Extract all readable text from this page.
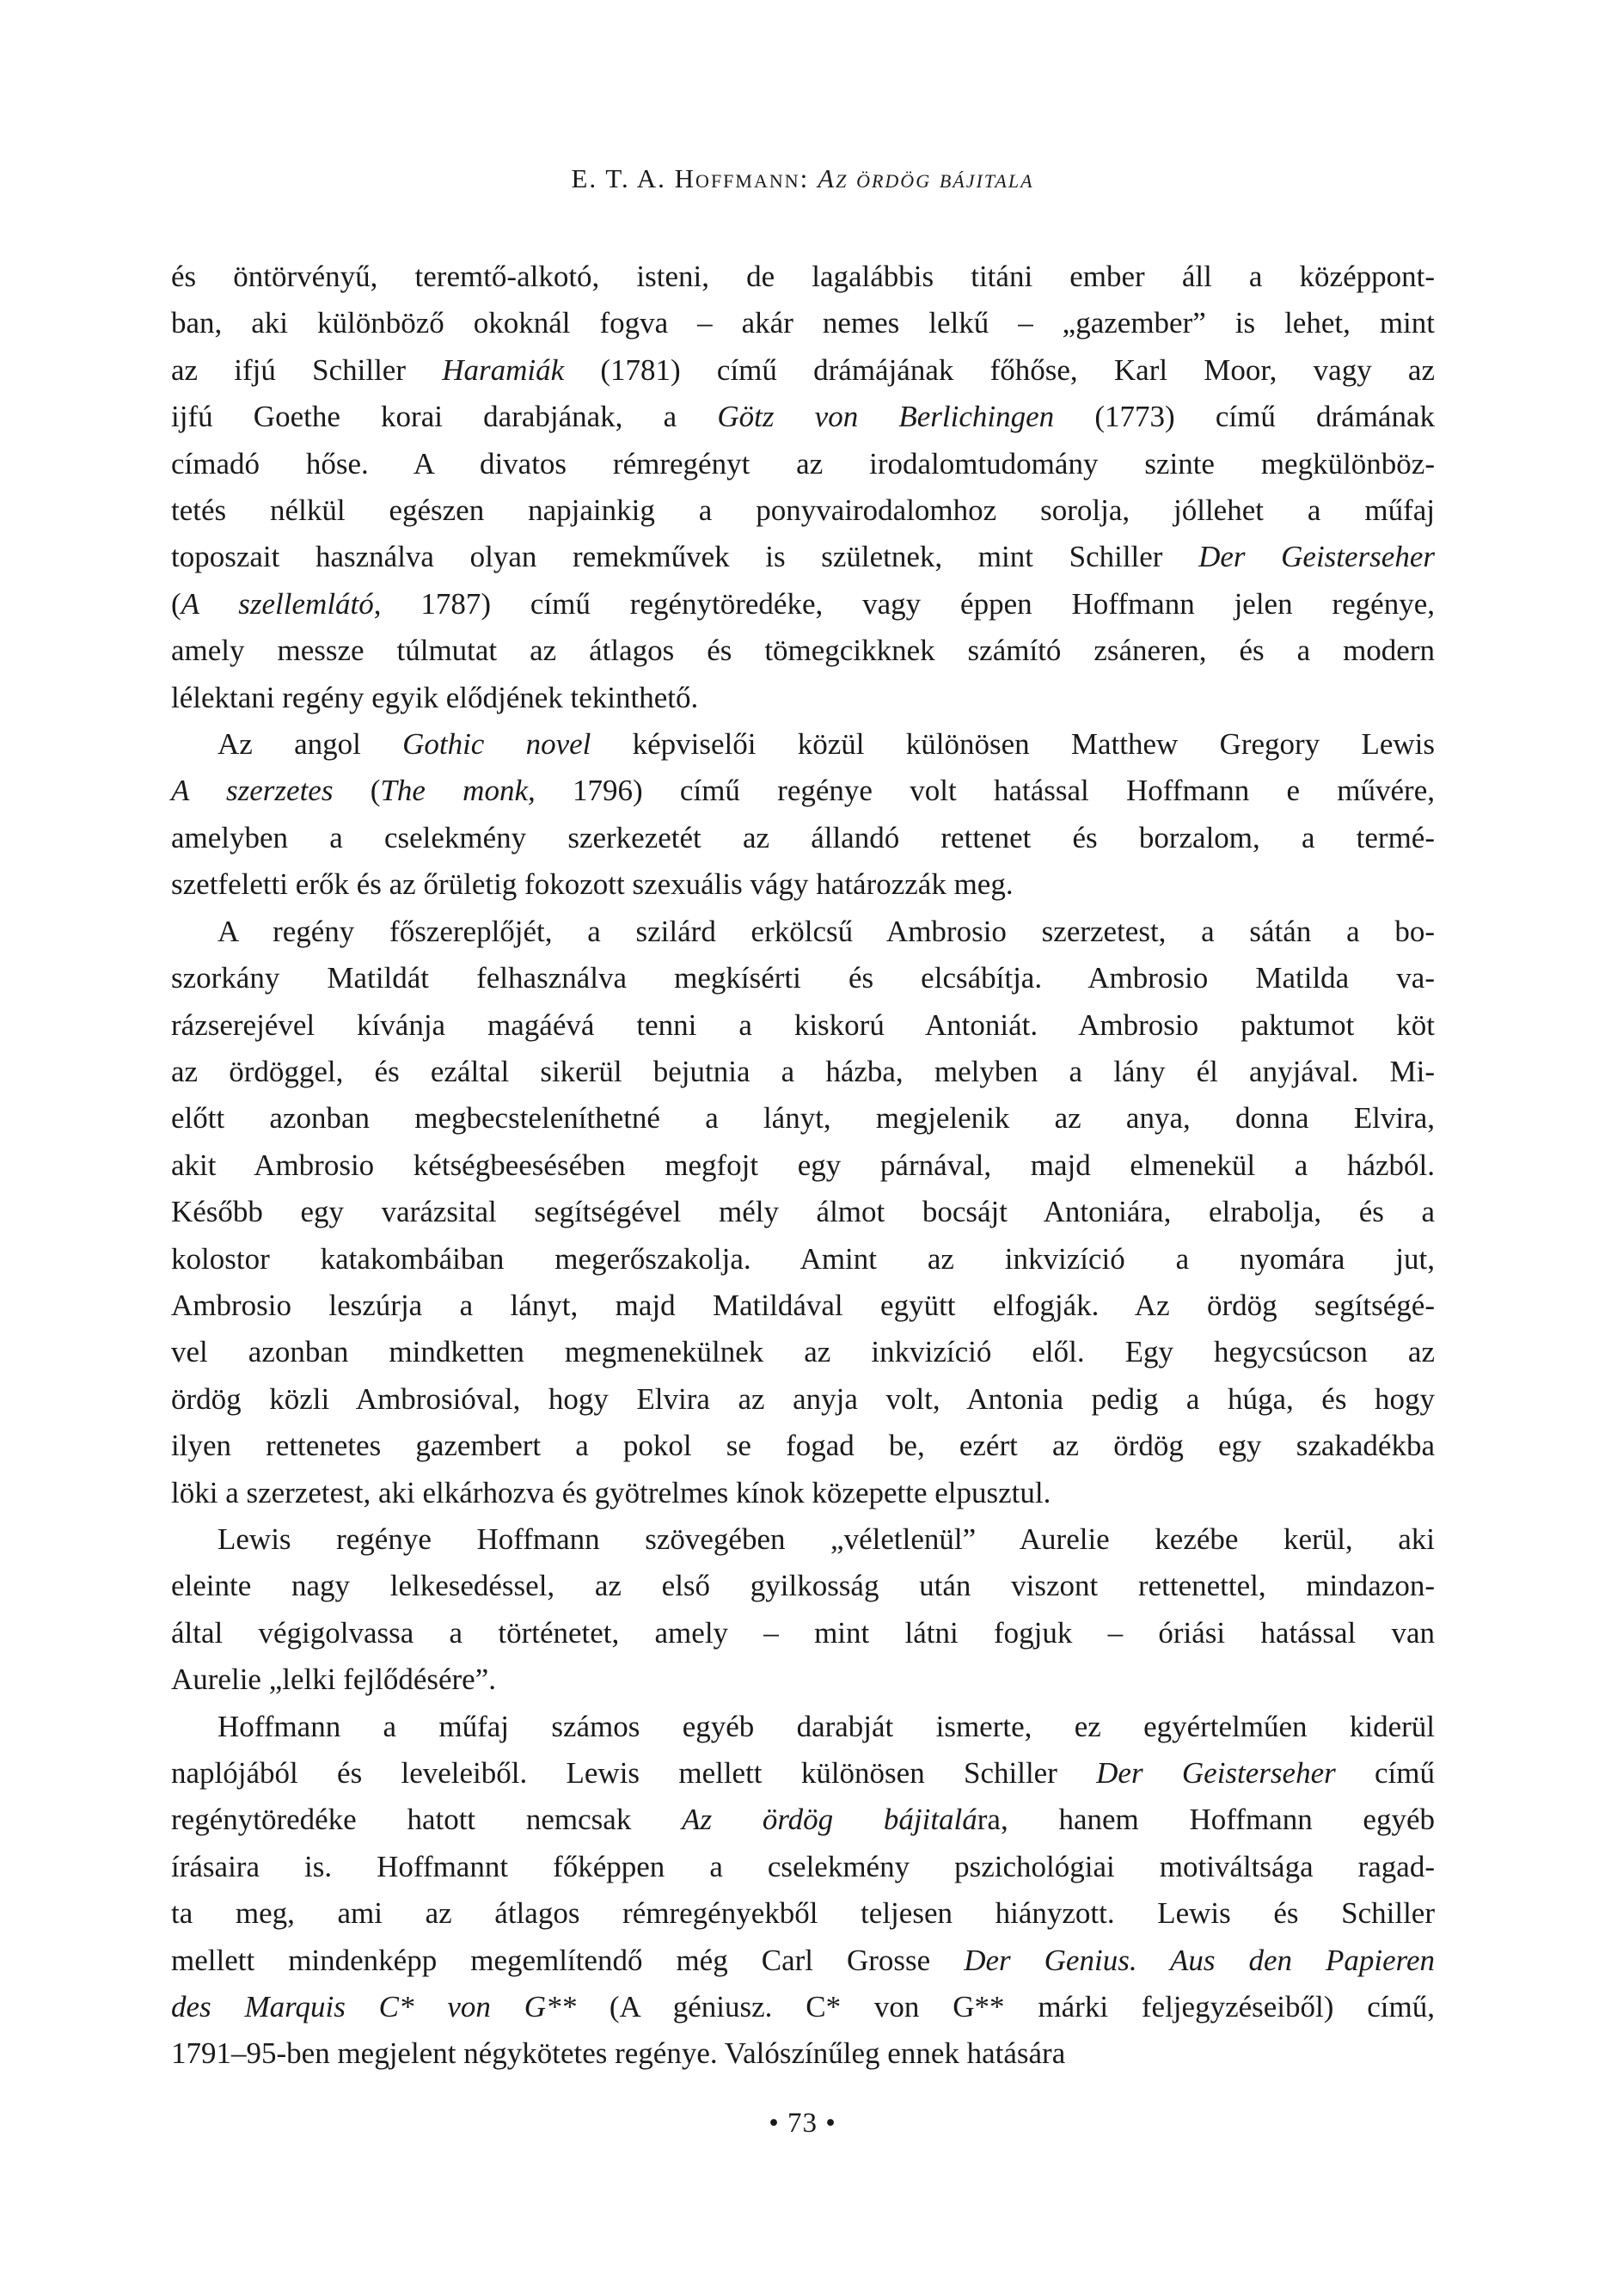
E. T. A. Hoffmann: Az ördög bájitala
és öntörvényű, teremtő-alkotó, isteni, de lagalábbis titáni ember áll a középpont-
ban, aki különböző okoknál fogva – akár nemes lelkű – „gazember” is lehet, mint
az ifjú Schiller Haramiák (1781) című drámájának főhőse, Karl Moor, vagy az
ijfú Goethe korai darabjának, a Götz von Berlichingen (1773) című drámának
címadó hőse. A divatos rémregényt az irodalomtudomány szinte megkülönböz-
tetés nélkül egészen napjainkig a ponyvairodalomhoz sorolja, jóllehet a műfaj
toposzait használva olyan remekművek is születnek, mint Schiller Der Geisterseher
(A szellemlátó, 1787) című regénytöredéke, vagy éppen Hoffmann jelen regénye,
amely messze túlmutat az átlagos és tömegcikknek számító zsáneren, és a modern
lélektani regény egyik elődjének tekinthető.
Az angol Gothic novel képviselői közül különösen Matthew Gregory Lewis
A szerzetes (The monk, 1796) című regénye volt hatással Hoffmann e művére,
amelyben a cselekmény szerkezetét az állandó rettenet és borzalom, a termé-
szetfeletti erők és az őrületig fokozott szexuális vágy határozzák meg.
A regény főszereplőjét, a szilárd erkölcsű Ambrosio szerzetest, a sátán a bo-
szorkány Matildát felhasználva megkísérti és elcsábítja. Ambrosio Matilda va-
rázserejével kívánja magáévá tenni a kiskorú Antoniát. Ambrosio paktumot köt
az ördöggel, és ezáltal sikerül bejutnia a házba, melyben a lány él anyjával. Mi-
előtt azonban megbecsteleníthetné a lányt, megjelenik az anya, donna Elvira,
akit Ambrosio kétségbeesésében megfojt egy párnával, majd elmenekül a házból.
Később egy varázsital segítségével mély álmot bocsájt Antoniára, elrabolja, és a
kolostor katakombáiban megerőszakolja. Amint az inkvizíció a nyomára jut,
Ambrosio leszúrja a lányt, majd Matildával együtt elfogják. Az ördög segítségé-
vel azonban mindketten megmenekülnek az inkvizíció elől. Egy hegycsúcson az
ördög közli Ambrosióval, hogy Elvira az anyja volt, Antonia pedig a húga, és hogy
ilyen rettenetes gazembert a pokol se fogad be, ezért az ördög egy szakadékba
löki a szerzetest, aki elkárhozva és gyötrelmes kínok közepette elpusztul.
Lewis regénye Hoffmann szövegében „véletlenül” Aurelie kezébe kerül, aki
eleinte nagy lelkesedéssel, az első gyilkosság után viszont rettenettel, mindazon-
által végigolvassa a történetet, amely – mint látni fogjuk – óriási hatással van
Aurelie „lelki fejlődésére”.
Hoffmann a műfaj számos egyéb darabját ismerte, ez egyértelműen kiderül
naplójából és leveleiből. Lewis mellett különösen Schiller Der Geisterseher című
regénytöredéke hatott nemcsak Az ördög bájitalára, hanem Hoffmann egyéb
írásaira is. Hoffmannt főképpen a cselekmény pszichológiai motiváltsága ragad-
ta meg, ami az átlagos rémregényekből teljesen hiányzott. Lewis és Schiller
mellett mindenképp megemlítendő még Carl Grosse Der Genius. Aus den Papieren
des Marquis C* von G** (A géniusz. C* von G** márki feljegyzéseiből) című,
1791–95-ben megjelent négykötetes regénye. Valószínűleg ennek hatására
• 73 •
